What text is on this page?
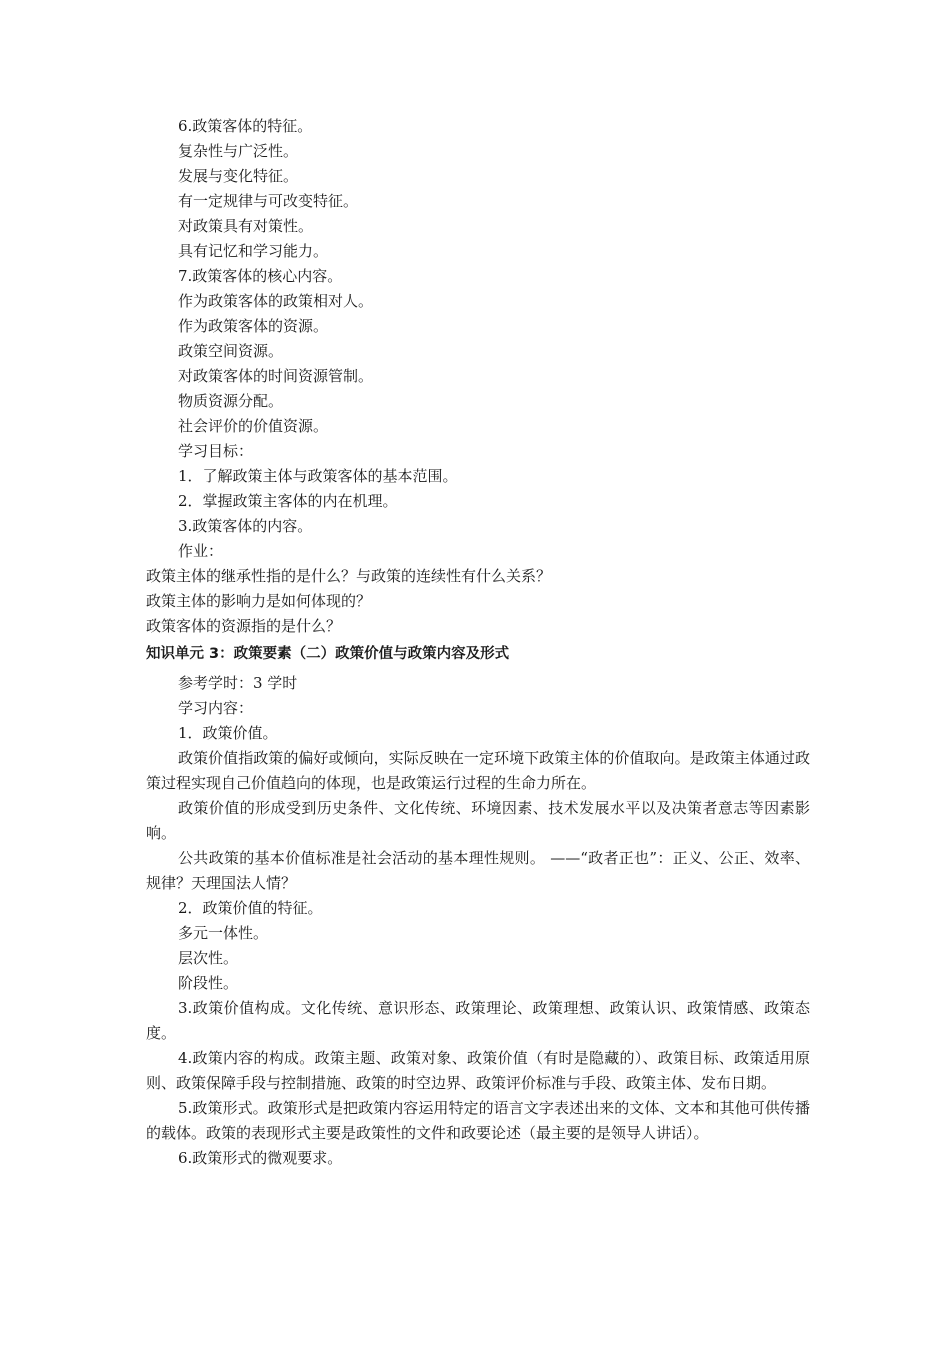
6.政策客体的特征。
复杂性与广泛性。
发展与变化特征。
有一定规律与可改变特征。
对政策具有对策性。
具有记忆和学习能力。
7.政策客体的核心内容。
作为政策客体的政策相对人。
作为政策客体的资源。
政策空间资源。
对政策客体的时间资源管制。
物质资源分配。
社会评价的价值资源。
学习目标：
1．了解政策主体与政策客体的基本范围。
2．掌握政策主客体的内在机理。
3.政策客体的内容。
作业：
政策主体的继承性指的是什么？与政策的连续性有什么关系？
政策主体的影响力是如何体现的？
政策客体的资源指的是什么？
知识单元 3：政策要素（二）政策价值与政策内容及形式
参考学时：3 学时
学习内容：
1．政策价值。

政策价值指政策的偏好或倾向，实际反映在一定环境下政策主体的价值取向。是政策主体通过政策过程实现自己价值趋向的体现，也是政策运行过程的生命力所在。

政策价值的形成受到历史条件、文化传统、环境因素、技术发展水平以及决策者意志等因素影响。

公共政策的基本价值标准是社会活动的基本理性规则。 ——“政者正也”：正义、公正、效率、规律？天理国法人情？

2．政策价值的特征。
多元一体性。
层次性。
阶段性。

3.政策价值构成。文化传统、意识形态、政策理论、政策理想、政策认识、政策情感、政策态度。

4.政策内容的构成。政策主题、政策对象、政策价值（有时是隐藏的）、政策目标、政策适用原则、政策保障手段与控制措施、政策的时空边界、政策评价标准与手段、政策主体、发布日期。

5.政策形式。政策形式是把政策内容运用特定的语言文字表述出来的文体、文本和其他可供传播的载体。政策的表现形式主要是政策性的文件和政要论述（最主要的是领导人讲话）。

6.政策形式的微观要求。
